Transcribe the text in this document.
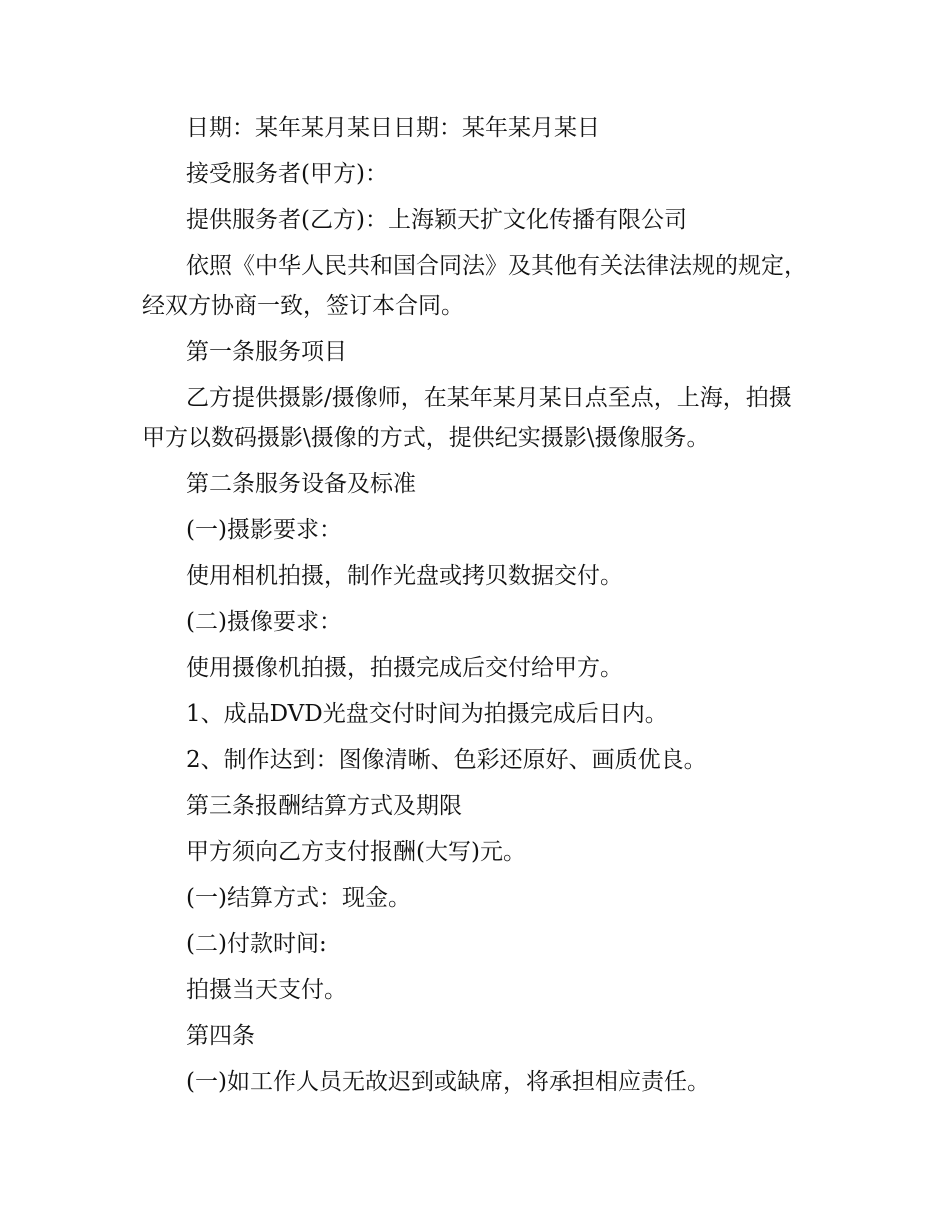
日期：某年某月某日日期：某年某月某日

接受服务者(甲方)：

提供服务者(乙方)：上海颖天扩文化传播有限公司

依照《中华人民共和国合同法》及其他有关法律法规的规定，经双方协商一致，签订本合同。

第一条服务项目

乙方提供摄影/摄像师，在某年某月某日点至点，上海，拍摄甲方以数码摄影\摄像的方式，提供纪实摄影\摄像服务。

第二条服务设备及标准

(一)摄影要求：

使用相机拍摄，制作光盘或拷贝数据交付。

(二)摄像要求：

使用摄像机拍摄，拍摄完成后交付给甲方。

1、成品DVD光盘交付时间为拍摄完成后日内。

2、制作达到：图像清晰、色彩还原好、画质优良。

第三条报酬结算方式及期限

甲方须向乙方支付报酬(大写)元。

(一)结算方式：现金。

(二)付款时间:

拍摄当天支付。

第四条

(一)如工作人员无故迟到或缺席，将承担相应责任。
